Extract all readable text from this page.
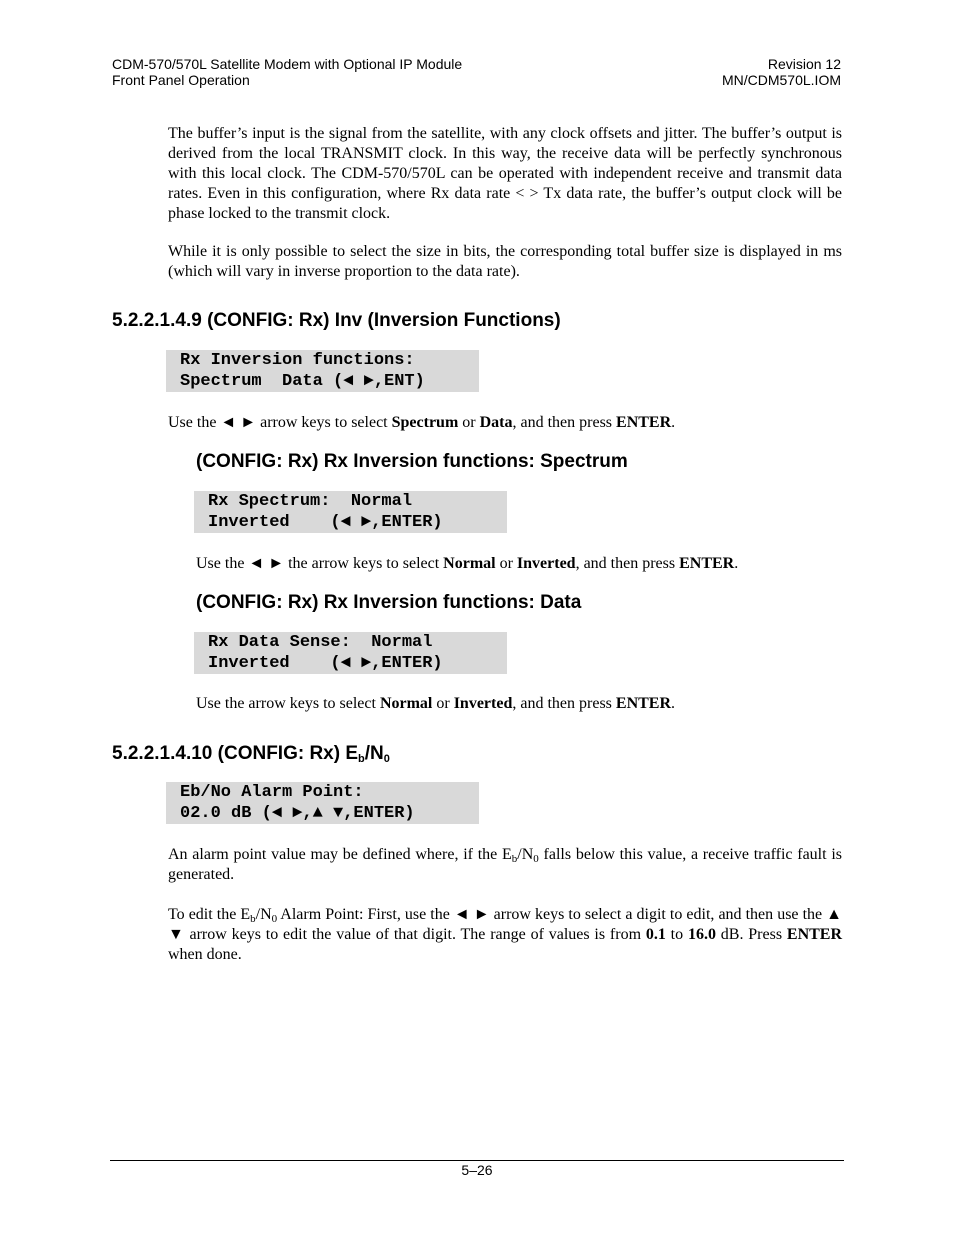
CDM-570/570L Satellite Modem with Optional IP Module
Front Panel Operation
Revision 12
MN/CDM570L.IOM
The buffer’s input is the signal from the satellite, with any clock offsets and jitter. The buffer’s output is derived from the local TRANSMIT clock. In this way, the receive data will be perfectly synchronous with this local clock. The CDM-570/570L can be operated with independent receive and transmit data rates. Even in this configuration, where Rx data rate < > Tx data rate, the buffer’s output clock will be phase locked to the transmit clock.
While it is only possible to select the size in bits, the corresponding total buffer size is displayed in ms (which will vary in inverse proportion to the data rate).
5.2.2.1.4.9 (CONFIG: Rx) Inv (Inversion Functions)
Rx Inversion functions:
Spectrum  Data (◄ ►,ENT)
Use the ◄ ► arrow keys to select Spectrum or Data, and then press ENTER.
(CONFIG: Rx) Rx Inversion functions: Spectrum
Rx Spectrum:  Normal
Inverted    (◄ ►,ENTER)
Use the ◄ ► the arrow keys to select Normal or Inverted, and then press ENTER.
(CONFIG: Rx) Rx Inversion functions: Data
Rx Data Sense:  Normal
Inverted    (◄ ►,ENTER)
Use the arrow keys to select Normal or Inverted, and then press ENTER.
5.2.2.1.4.10 (CONFIG: Rx) $E_b/N_0$
Eb/No Alarm Point:
02.0 dB (◄ ►,▲ ▼,ENTER)
An alarm point value may be defined where, if the $E_b/N_0$ falls below this value, a receive traffic fault is generated.
To edit the $E_b/N_0$ Alarm Point: First, use the ◄ ► arrow keys to select a digit to edit, and then use the ▲ ▼ arrow keys to edit the value of that digit. The range of values is from 0.1 to 16.0 dB. Press ENTER when done.
5–26
